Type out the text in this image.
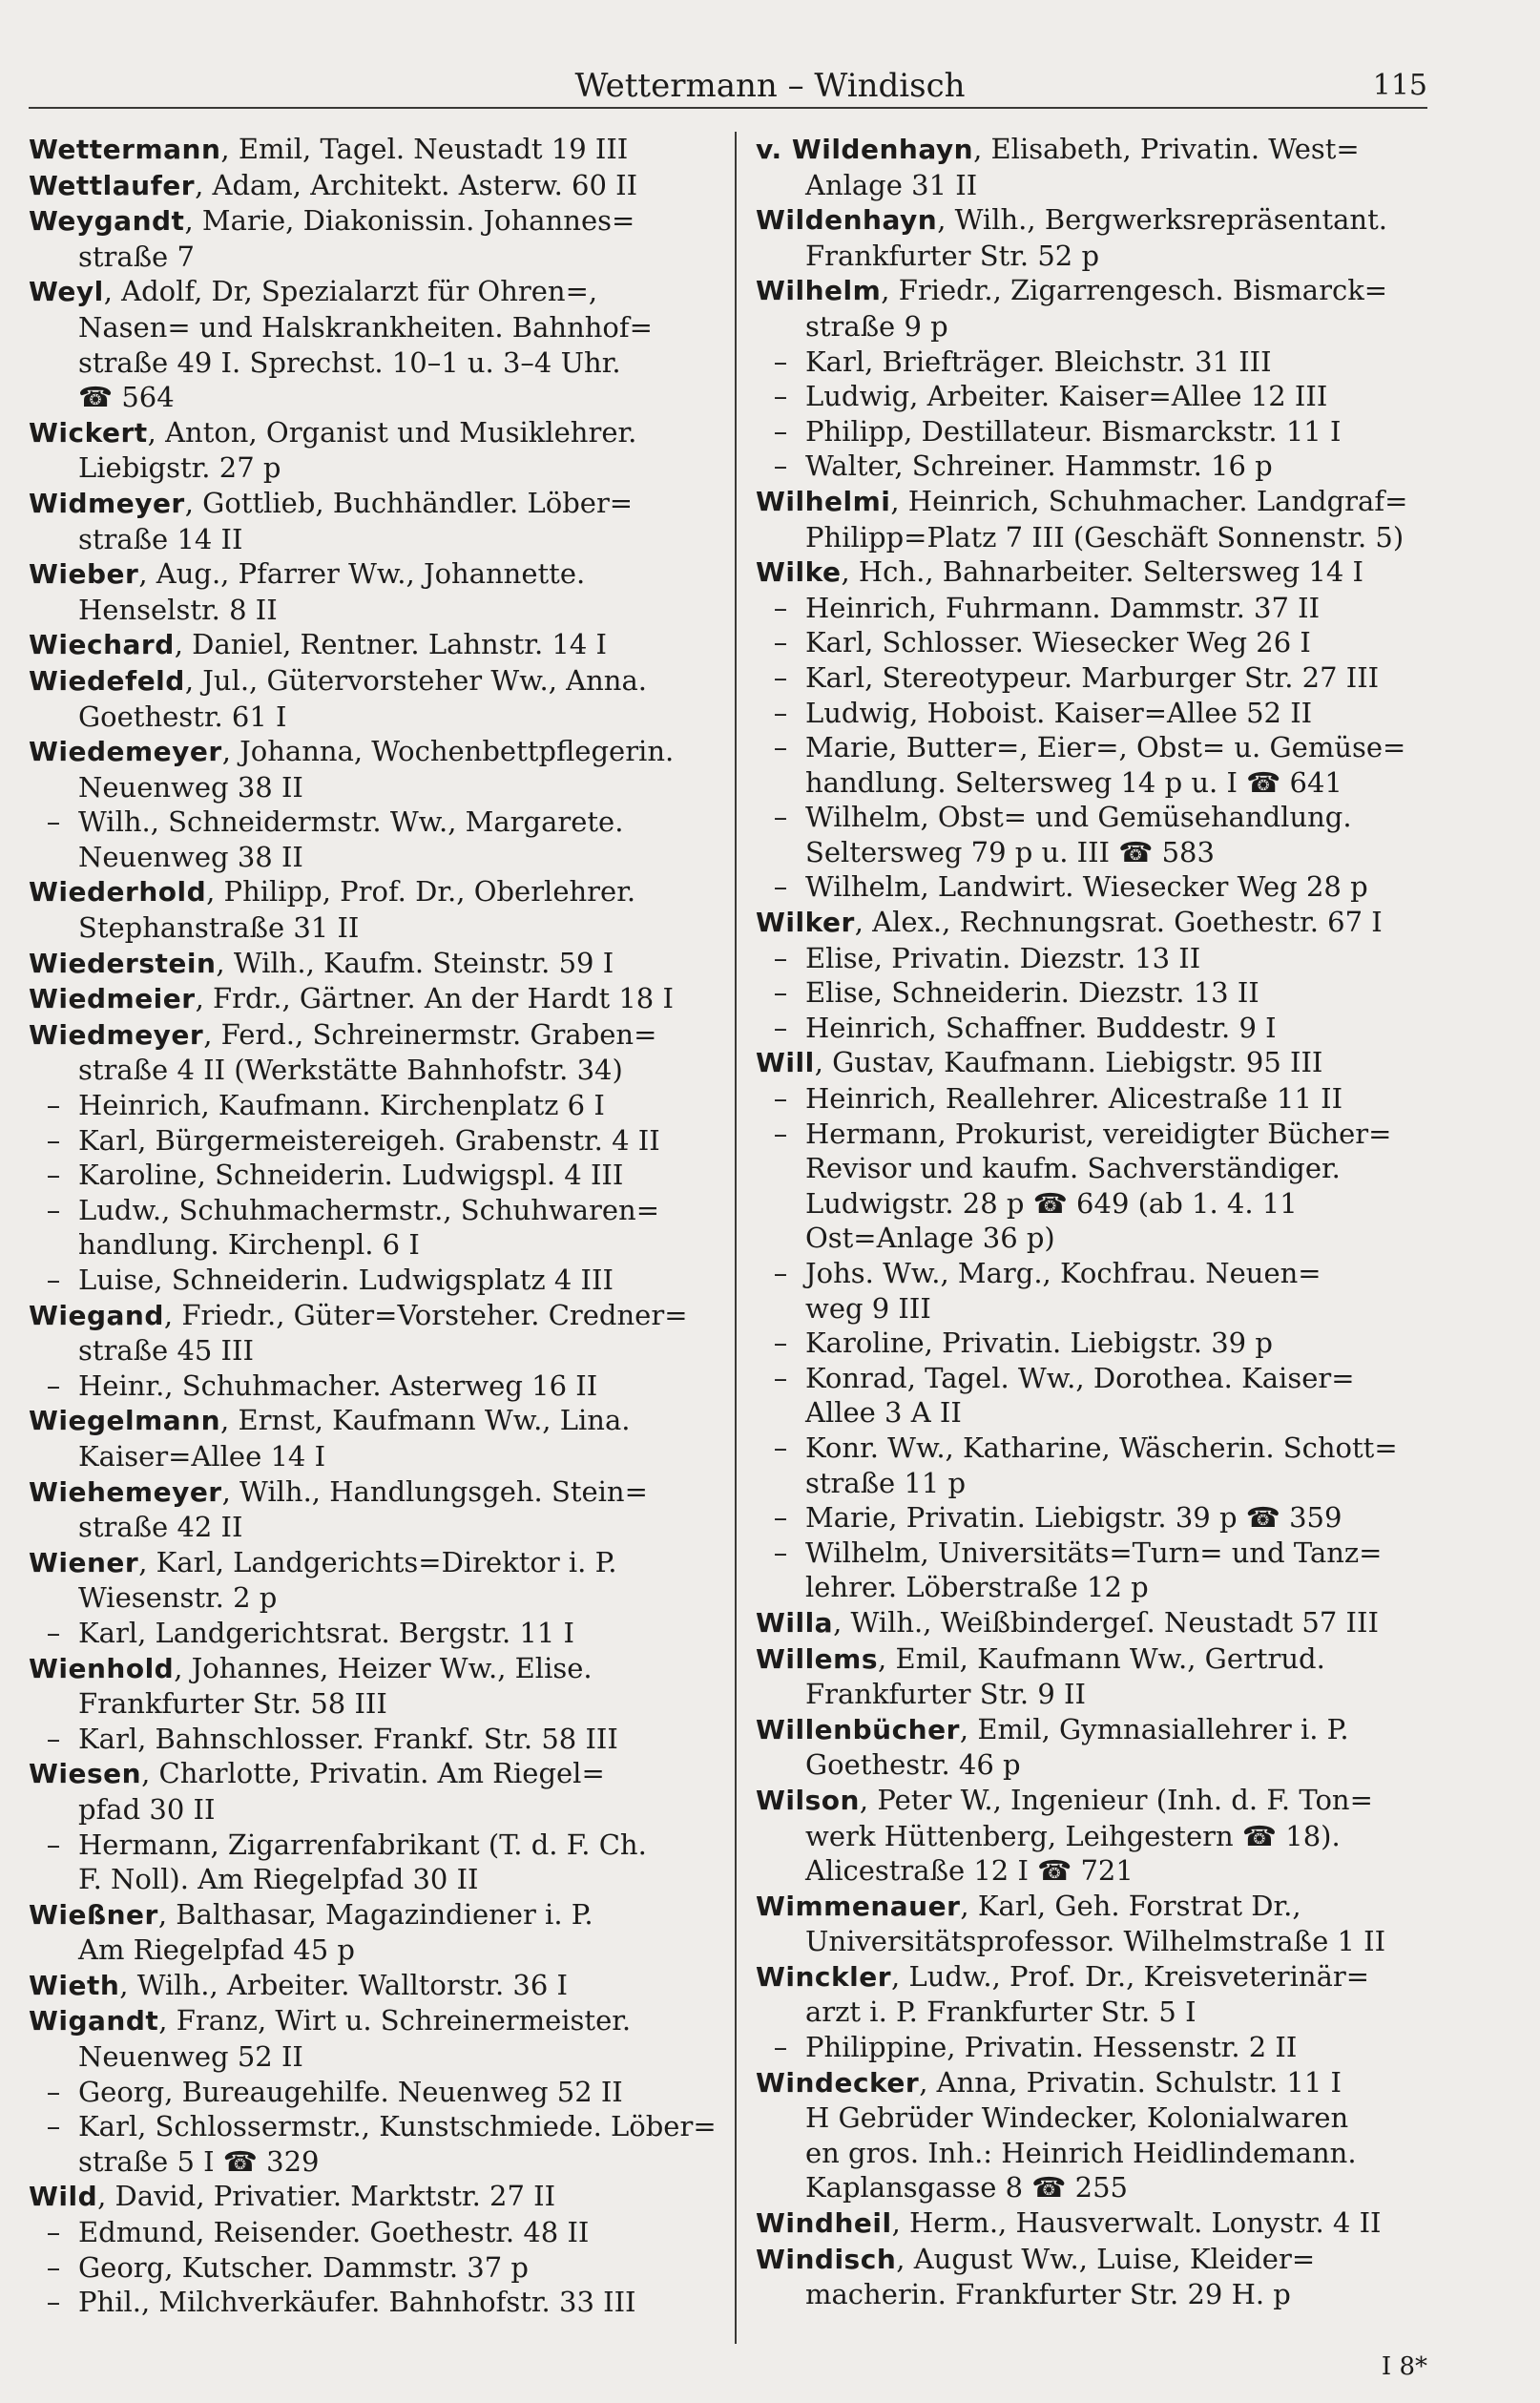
Wettermann – Windisch	115
Wettermann, Emil, Tagel. Neustadt 19 III
Wettlaufer, Adam, Architekt. Asterw. 60 II
Weygandt, Marie, Diakonissin. Johannes=
straße 7
Weyl, Adolf, Dr, Spezialarzt für Ohren=,
Nasen= und Halskrankheiten. Bahnhof=
straße 49 I. Sprechst. 10–1 u. 3–4 Uhr.
☎ 564
Wickert, Anton, Organist und Musiklehrer.
Liebigstr. 27 p
Widmeyer, Gottlieb, Buchhändler. Löber=
straße 14 II
Wieber, Aug., Pfarrer Ww., Johannette.
Henselstr. 8 II
Wiechard, Daniel, Rentner. Lahnstr. 14 I
Wiedefeld, Jul., Gütervorsteher Ww., Anna.
Goethestr. 61 I
Wiedemeyer, Johanna, Wochenbettpflegerin.
Neuenweg 38 II
– Wilh., Schneidermstr. Ww., Margarete.
Neuenweg 38 II
Wiederhold, Philipp, Prof. Dr., Oberlehrer.
Stephanstraße 31 II
Wiederstein, Wilh., Kaufm. Steinstr. 59 I
Wiedmeier, Frdr., Gärtner. An der Hardt 18 I
Wiedmeyer, Ferd., Schreinermstr. Graben=
straße 4 II (Werkstätte Bahnhofstr. 34)
– Heinrich, Kaufmann. Kirchenplatz 6 I
– Karl, Bürgermeistereigeh. Grabenstr. 4 II
– Karoline, Schneiderin. Ludwigspl. 4 III
– Ludw., Schuhmachermstr., Schuhwaren=
handlung. Kirchenpl. 6 I
– Luise, Schneiderin. Ludwigsplatz 4 III
Wiegand, Friedr., Güter=Vorsteher. Credner=
straße 45 III
– Heinr., Schuhmacher. Asterweg 16 II
Wiegelmann, Ernst, Kaufmann Ww., Lina.
Kaiser=Allee 14 I
Wiehemeyer, Wilh., Handlungsgeh. Stein=
straße 42 II
Wiener, Karl, Landgerichts=Direktor i. P.
Wiesenstr. 2 p
– Karl, Landgerichtsrat. Bergstr. 11 I
Wienhold, Johannes, Heizer Ww., Elise.
Frankfurter Str. 58 III
– Karl, Bahnschlosser. Frankf. Str. 58 III
Wiesen, Charlotte, Privatin. Am Riegel=
pfad 30 II
– Hermann, Zigarrenfabrikant (T. d. F. Ch.
F. Noll). Am Riegelpfad 30 II
Wießner, Balthasar, Magazindiener i. P.
Am Riegelpfad 45 p
Wieth, Wilh., Arbeiter. Walltorstr. 36 I
Wigandt, Franz, Wirt u. Schreinermeister.
Neuenweg 52 II
– Georg, Bureaugehilfe. Neuenweg 52 II
– Karl, Schlossermstr., Kunstschmiede. Löber=
straße 5 I ☎ 329
Wild, David, Privatier. Marktstr. 27 II
– Edmund, Reisender. Goethestr. 48 II
– Georg, Kutscher. Dammstr. 37 p
– Phil., Milchverkäufer. Bahnhofstr. 33 III
v. Wildenhayn, Elisabeth, Privatin. West=
Anlage 31 II
Wildenhayn, Wilh., Bergwerksrepräsentant.
Frankfurter Str. 52 p
Wilhelm, Friedr., Zigarrengesch. Bismarck=
straße 9 p
– Karl, Briefträger. Bleichstr. 31 III
– Ludwig, Arbeiter. Kaiser=Allee 12 III
– Philipp, Destillateur. Bismarckstr. 11 I
– Walter, Schreiner. Hammstr. 16 p
Wilhelmi, Heinrich, Schuhmacher. Landgraf=
Philipp=Platz 7 III (Geschäft Sonnenstr. 5)
Wilke, Hch., Bahnarbeiter. Seltersweg 14 I
– Heinrich, Fuhrmann. Dammstr. 37 II
– Karl, Schlosser. Wiesecker Weg 26 I
– Karl, Stereotypeur. Marburger Str. 27 III
– Ludwig, Hoboist. Kaiser=Allee 52 II
– Marie, Butter=, Eier=, Obst= u. Gemüse=
handlung. Seltersweg 14 p u. I ☎ 641
– Wilhelm, Obst= und Gemüsehandlung.
Seltersweg 79 p u. III ☎ 583
– Wilhelm, Landwirt. Wiesecker Weg 28 p
Wilker, Alex., Rechnungsrat. Goethestr. 67 I
– Elise, Privatin. Diezstr. 13 II
– Elise, Schneiderin. Diezstr. 13 II
– Heinrich, Schaffner. Buddestr. 9 I
Will, Gustav, Kaufmann. Liebigstr. 95 III
– Heinrich, Reallehrer. Alicestraße 11 II
– Hermann, Prokurist, vereidigter Bücher=
Revisor und kaufm. Sachverständiger.
Ludwigstr. 28 p ☎ 649 (ab 1. 4. 11
Ost=Anlage 36 p)
– Johs. Ww., Marg., Kochfrau. Neuen=
weg 9 III
– Karoline, Privatin. Liebigstr. 39 p
– Konrad, Tagel. Ww., Dorothea. Kaiser=
Allee 3 A II
– Konr. Ww., Katharine, Wäscherin. Schott=
straße 11 p
– Marie, Privatin. Liebigstr. 39 p ☎ 359
– Wilhelm, Universitäts=Turn= und Tanz=
lehrer. Löberstraße 12 p
Willa, Wilh., Weißbindergeſ. Neustadt 57 III
Willems, Emil, Kaufmann Ww., Gertrud.
Frankfurter Str. 9 II
Willenbücher, Emil, Gymnasiallehrer i. P.
Goethestr. 46 p
Wilson, Peter W., Ingenieur (Inh. d. F. Ton=
werk Hüttenberg, Leihgestern ☎ 18).
Alicestraße 12 I ☎ 721
Wimmenauer, Karl, Geh. Forstrat Dr.,
Universitätsprofessor. Wilhelmstraße 1 II
Winckler, Ludw., Prof. Dr., Kreisveterinär=
arzt i. P. Frankfurter Str. 5 I
– Philippine, Privatin. Hessenstr. 2 II
Windecker, Anna, Privatin. Schulstr. 11 I
H Gebrüder Windecker, Kolonialwaren
en gros. Inh.: Heinrich Heidlindemann.
Kaplansgasse 8 ☎ 255
Windheil, Herm., Hausverwalt. Lonystr. 4 II
Windisch, August Ww., Luise, Kleider=
macherin. Frankfurter Str. 29 H. p
I 8*
